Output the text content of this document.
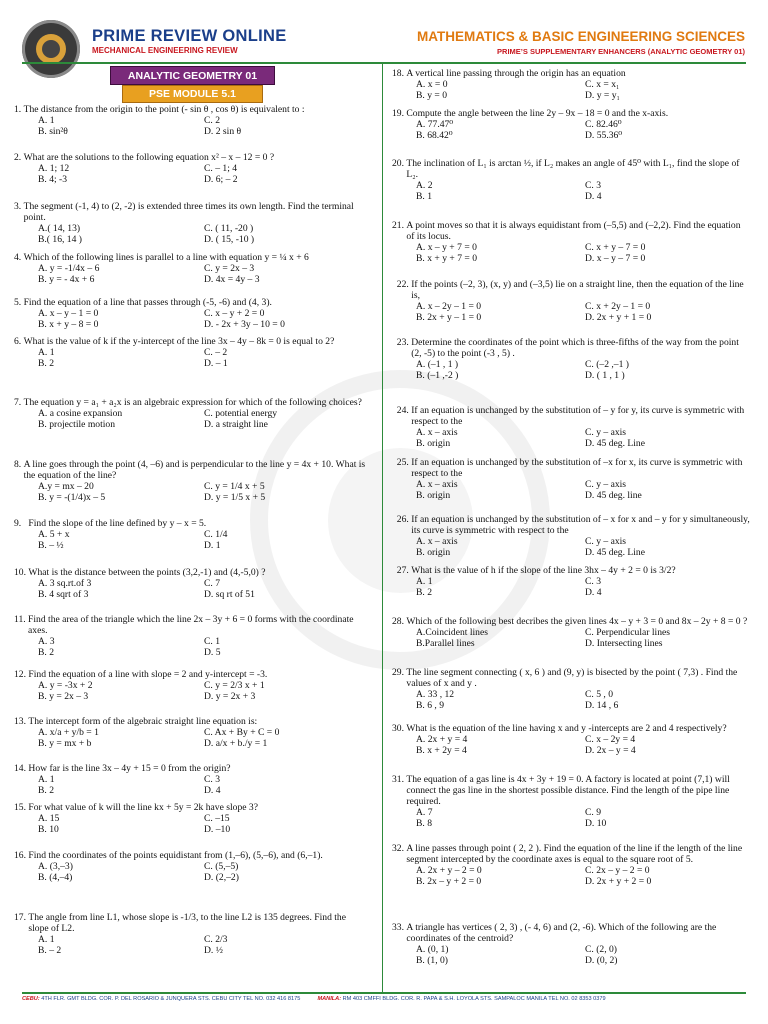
PRIME REVIEW ONLINE
MECHANICAL ENGINEERING REVIEW
MATHEMATICS & BASIC ENGINEERING SCIENCES
PRIME’S SUPPLEMENTARY ENHANCERS (ANALYTIC GEOMETRY 01)
ANALYTIC GEOMETRY 01
PSE MODULE 5.1
1. The distance from the origin to the point (- sin θ , cos θ) is equivalent to :
A. 1	C. 2
B. sin²θ	D. 2 sin θ
2. What are the solutions to the following equation x² – x – 12 = 0 ?
A. 1; 12	C. – 1; 4
B. 4; -3	D. 6; – 2
3. The segment (-1, 4) to (2, -2) is extended three times its own length. Find the terminal point.
A.( 14, 13)	C. ( 11, -20 )
B.( 16, 14 )	D. ( 15, -10 )
4. Which of the following lines is parallel to a line with equation y = ¼ x + 6
A. y = -1/4x – 6	C. y = 2x – 3
B. y = - 4x + 6	D. 4x = 4y – 3
5. Find the equation of a line that passes through (-5, -6) and (4, 3).
A. x – y – 1 = 0	C. x – y + 2 = 0
B. x + y – 8 = 0	D. - 2x + 3y – 10 = 0
6. What is the value of k if the y-intercept of the line 3x – 4y – 8k = 0 is equal to 2?
A. 1	C. – 2
B. 2	D. – 1
7. The equation y = a₁ + a₂x is an algebraic expression for which of the following choices?
A. a cosine expansion	C. potential energy
B. projectile motion	D. a straight line
8. A line goes through the point (4, –6) and is perpendicular to the line y = 4x + 10. What is the equation of the line?
A.y = mx – 20	C. y = 1/4 x + 5
B. y = -(1/4)x – 5	D. y = 1/5 x + 5
9. Find the slope of the line defined by y – x = 5.
A. 5 + x	C. 1/4
B. – ½	D. 1
10. What is the distance between the points (3,2,-1) and (4,-5,0) ?
A. 3 sq.rt.of 3	C. 7
B. 4 sqrt of 3	D. sq rt of 51
11. Find the area of the triangle which the line 2x – 3y + 6 = 0 forms with the coordinate axes.
A. 3	C. 1
B. 2	D. 5
12. Find the equation of a line with slope = 2 and y-intercept = -3.
A. y = -3x + 2	C. y = 2/3 x + 1
B. y = 2x – 3	D. y = 2x + 3
13. The intercept form of the algebraic straight line equation is:
A. x/a + y/b = 1	C. Ax + By + C = 0
B. y = mx + b	D. a/x + b./y = 1
14. How far is the line 3x – 4y + 15 = 0 from the origin?
A. 1	C. 3
B. 2	D. 4
15. For what value of k will the line kx + 5y = 2k have slope 3?
A. 15	C. –15
B. 10	D. –10
16. Find the coordinates of the points equidistant from (1,–6), (5,–6), and (6,–1).
A. (3,–3)	C. (5,–5)
B. (4,–4)	D. (2,–2)
17. The angle from line L1, whose slope is -1/3, to the line L2 is 135 degrees. Find the slope of L2.
A. 1	C. 2/3
B. – 2	D. ½
18. A vertical line passing through the origin has an equation
A. x = 0	C. x = x₁
B. y = 0	D. y = y₁
19. Compute the angle between the line 2y – 9x – 18 = 0 and the x-axis.
A. 77.47⁰	C. 82.46⁰
B. 68.42⁰	D. 55.36⁰
20. The inclination of L₁ is arctan ½, if L₂ makes an angle of 45⁰ with L₁, find the slope of L₂.
A. 2	C. 3
B. 1	D. 4
21. A point moves so that it is always equidistant from (–5,5) and (–2,2). Find the equation of its locus.
A. x – y + 7 = 0	C. x + y – 7 = 0
B. x + y + 7 = 0	D. x – y – 7 = 0
22. If the points (–2, 3), (x, y) and (–3,5) lie on a straight line, then the equation of the line is,
A. x – 2y – 1 = 0	C. x + 2y – 1 = 0
B. 2x + y – 1 = 0	D. 2x + y + 1 = 0
23. Determine the coordinates of the point which is three-fifths of the way from the point (2, -5) to the point (-3 , 5) .
A. (–1 , 1 )	C. (–2 ,–1 )
B. (–1 ,-2 )	D. ( 1 , 1 )
24. If an equation is unchanged by the substitution of – y for y, its curve is symmetric with respect to the
A. x – axis	C. y – axis
B. origin	D. 45 deg. Line
25. If an equation is unchanged by the substitution of –x for x, its curve is symmetric with respect to the
A. x – axis	C. y – axis
B. origin	D. 45 deg. line
26. If an equation is unchanged by the substitution of – x for x and – y for y simultaneously, its curve is symmetric with respect to the
A. x – axis	C. y – axis
B. origin	D. 45 deg. Line
27. What is the value of h if the slope of the line 3hx – 4y + 2 = 0 is 3/2?
A. 1	C. 3
B. 2	D. 4
28. Which of the following best decribes the given lines 4x – y + 3 = 0 and 8x – 2y + 8 = 0 ?
A.Coincident lines	C. Perpendicular lines
B.Parallel lines	D. Intersecting lines
29. The line segment connecting ( x, 6 ) and (9, y) is bisected by the point ( 7,3) . Find the values of x and y .
A. 33 , 12	C. 5 , 0
B. 6 , 9	D. 14 , 6
30. What is the equation of the line having x and y -intercepts are 2 and 4 respectively?
A. 2x + y = 4	C. x – 2y = 4
B. x + 2y = 4	D. 2x – y = 4
31. The equation of a gas line is 4x + 3y + 19 = 0. A factory is located at point (7,1) will connect the gas line in the shortest possible distance. Find the length of the pipe line required.
A. 7	C. 9
B. 8	D. 10
32. A line passes through point ( 2, 2 ). Find the equation of the line if the length of the line segment intercepted by the coordinate axes is equal to the square root of 5.
A. 2x + y – 2 = 0	C. 2x – y – 2 = 0
B. 2x – y + 2 = 0	D. 2x + y + 2 = 0
33. A triangle has vertices ( 2, 3) , (- 4, 6) and (2, -6). Which of the following are the coordinates of the centroid?
A. (0, 1)	C. (2, 0)
B. (1, 0)	D. (0, 2)
CEBU: 4TH FLR. GMT BLDG. COR. P. DEL ROSARIO & JUNQUERA STS. CEBU CITY TEL NO. 032 416 8175	MANILA: RM 403 CMFFI BLDG. COR. R. PAPA & S.H. LOYOLA STS. SAMPALOC MANILA TEL NO. 02 8353 0379
